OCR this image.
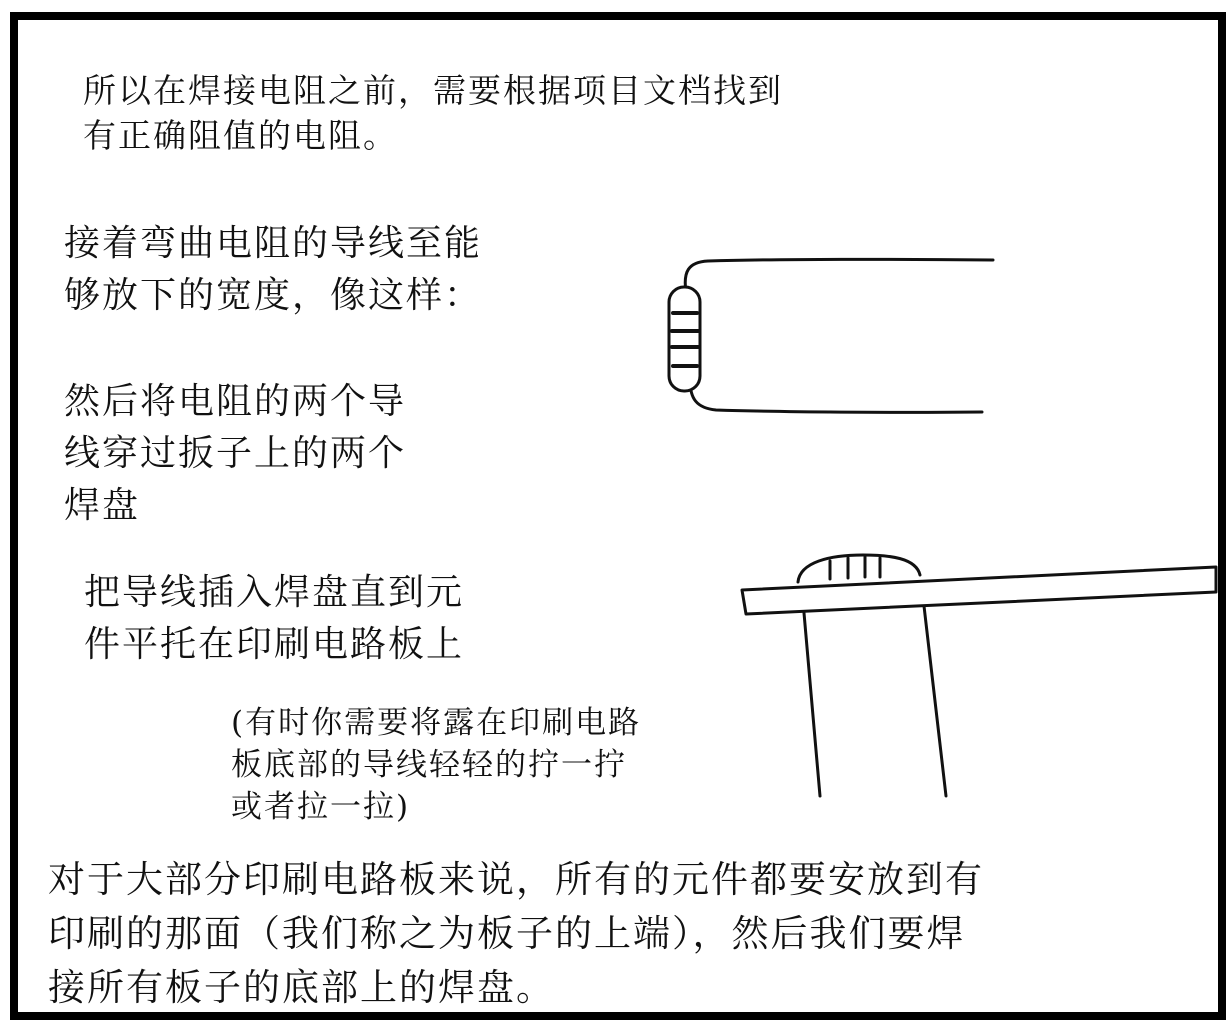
所以在焊接电阻之前，需要根据项目文档找到
有正确阻值的电阻。

接着弯曲电阻的导线至能
够放下的宽度，像这样：

然后将电阻的两个导
线穿过扳子上的两个
焊盘

把导线插入焊盘直到元
件平托在印刷电路板上

(有时你需要将露在印刷电路
板底部的导线轻轻的拧一拧
或者拉一拉)

对于大部分印刷电路板来说，所有的元件都要安放到有
印刷的那面（我们称之为板子的上端），然后我们要焊
接所有板子的底部上的焊盘。
